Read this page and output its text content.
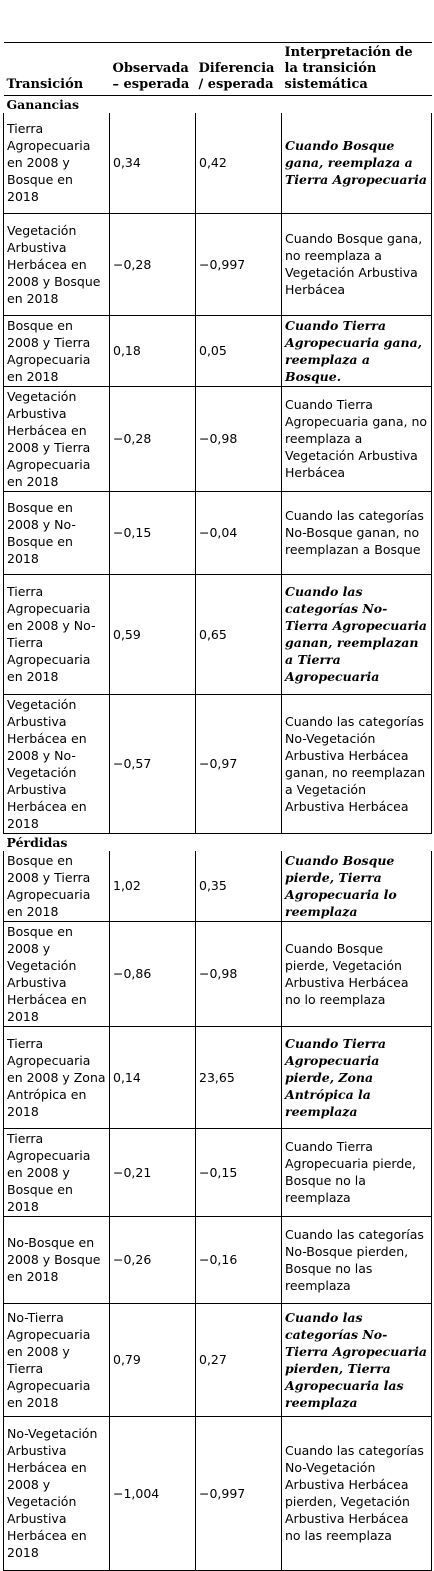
Transición	Observada – esperada	Diferencia / esperada	Interpretación de la transición sistemática
Ganancias			
Tierra Agropecuaria en 2008 y Bosque en 2018	0,34	0,42	Cuando Bosque gana, reemplaza a Tierra Agropecuaria
Vegetación Arbustiva Herbácea en 2008 y Bosque en 2018	−0,28	−0,997	Cuando Bosque gana, no reemplaza a Vegetación Arbustiva Herbácea
Bosque en 2008 y Tierra Agropecuaria en 2018	0,18	0,05	Cuando Tierra Agropecuaria gana, reemplaza a Bosque.
Vegetación Arbustiva Herbácea en 2008 y Tierra Agropecuaria en 2018	−0,28	−0,98	Cuando Tierra Agropecuaria gana, no reemplaza a Vegetación Arbustiva Herbácea
Bosque en 2008 y No-Bosque en 2018	−0,15	−0,04	Cuando las categorías No-Bosque ganan, no reemplazan a Bosque
Tierra Agropecuaria en 2008 y No-Tierra Agropecuaria en 2018	0,59	0,65	Cuando las categorías No-Tierra Agropecuaria ganan, reemplazan a Tierra Agropecuaria
Vegetación Arbustiva Herbácea en 2008 y No-Vegetación Arbustiva Herbácea en 2018	−0,57	−0,97	Cuando las categorías No-Vegetación Arbustiva Herbácea ganan, no reemplazan a Vegetación Arbustiva Herbácea
Pérdidas			
Bosque en 2008 y Tierra Agropecuaria en 2018	1,02	0,35	Cuando Bosque pierde, Tierra Agropecuaria lo reemplaza
Bosque en 2008 y Vegetación Arbustiva Herbácea en 2018	−0,86	−0,98	Cuando Bosque pierde, Vegetación Arbustiva Herbácea no lo reemplaza
Tierra Agropecuaria en 2008 y Zona Antrópica en 2018	0,14	23,65	Cuando Tierra Agropecuaria pierde, Zona Antrópica la reemplaza
Tierra Agropecuaria en 2008 y Bosque en 2018	−0,21	−0,15	Cuando Tierra Agropecuaria pierde, Bosque no la reemplaza
No-Bosque en 2008 y Bosque en 2018	−0,26	−0,16	Cuando las categorías No-Bosque pierden, Bosque no las reemplaza
No-Tierra Agropecuaria en 2008 y Tierra Agropecuaria en 2018	0,79	0,27	Cuando las categorías No-Tierra Agropecuaria pierden, Tierra Agropecuaria las reemplaza
No-Vegetación Arbustiva Herbácea en 2008 y Vegetación Arbustiva Herbácea en 2018	−1,004	−0,997	Cuando las categorías No-Vegetación Arbustiva Herbácea pierden, Vegetación Arbustiva Herbácea no las reemplaza
